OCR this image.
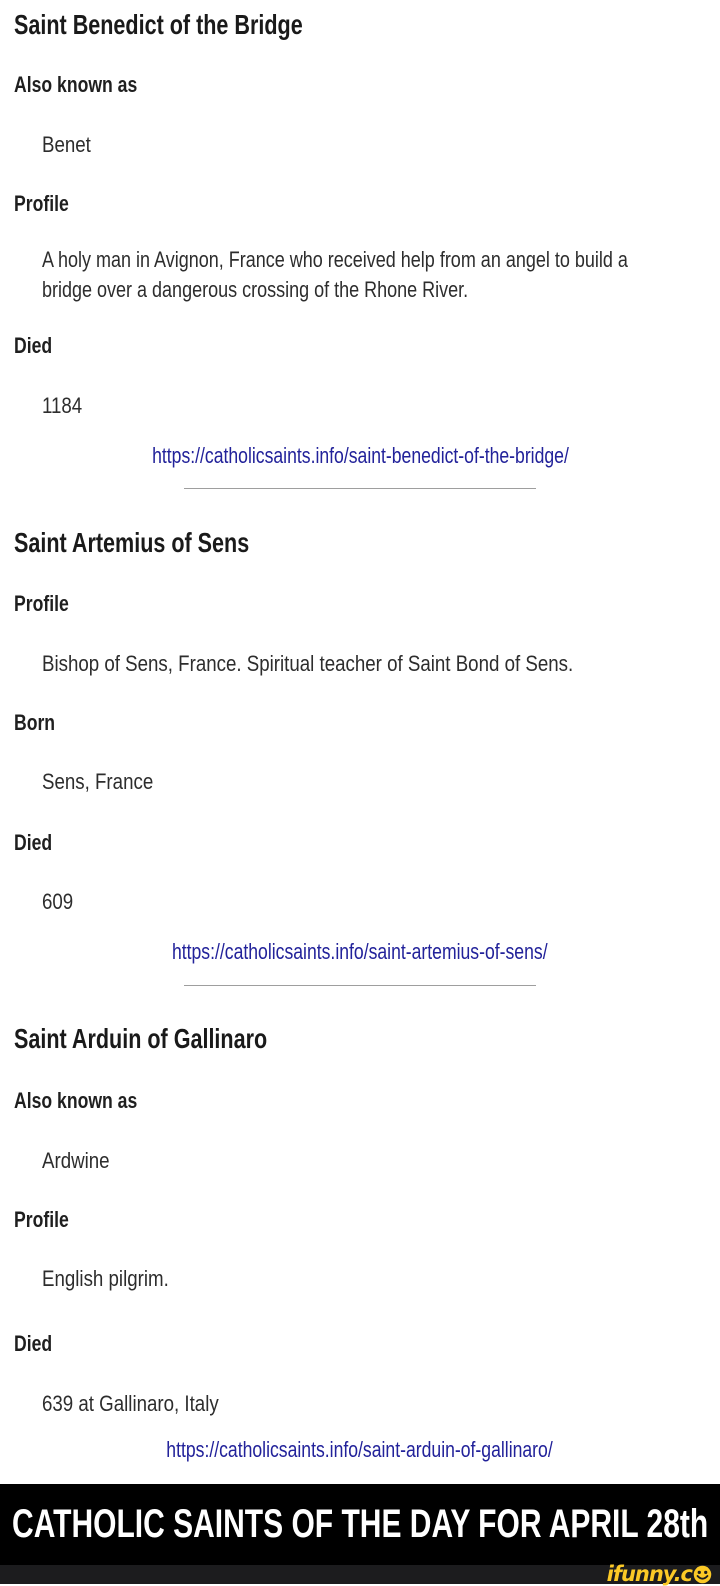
Saint Benedict of the Bridge
Also known as
Benet
Profile
A holy man in Avignon, France who received help from an angel to build a bridge over a dangerous crossing of the Rhone River.
Died
1184
https://catholicsaints.info/saint-benedict-of-the-bridge/
Saint Artemius of Sens
Profile
Bishop of Sens, France. Spiritual teacher of Saint Bond of Sens.
Born
Sens, France
Died
609
https://catholicsaints.info/saint-artemius-of-sens/
Saint Arduin of Gallinaro
Also known as
Ardwine
Profile
English pilgrim.
Died
639 at Gallinaro, Italy
https://catholicsaints.info/saint-arduin-of-gallinaro/
CATHOLIC SAINTS OF THE DAY FOR APRIL 28th
ifunny.c
